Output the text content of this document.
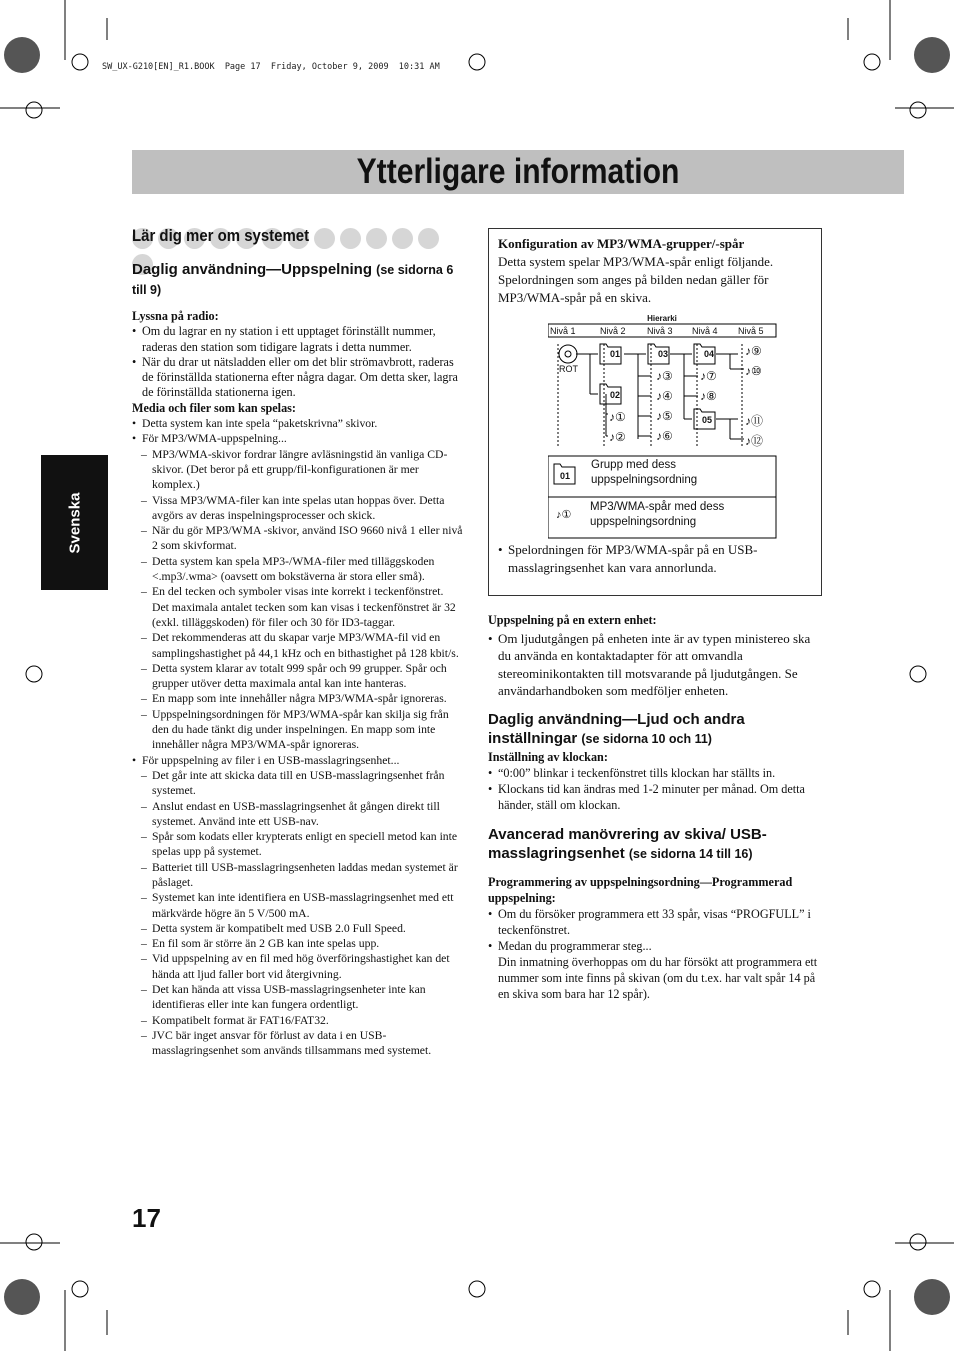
SW_UX-G210[EN]_R1.BOOK  Page 17  Friday, October 9, 2009  10:31 AM
Ytterligare information
Svenska
17
Lär dig mer om systemet
Daglig användning—Uppspelning (se sidorna 6 till 9)

Lyssna på radio:

• Om du lagrar en ny station i ett upptaget förinställt nummer, raderas den station som tidigare lagrats i detta nummer.
• När du drar ut nätsladden eller om det blir strömavbrott, raderas de förinställda stationerna efter några dagar. Om detta sker, lagra de förinställda stationerna igen.

Media och filer som kan spelas:

• Detta system kan inte spela “paketskrivna” skivor.
• För MP3/WMA-uppspelning...
– MP3/WMA-skivor fordrar längre avläsningstid än vanliga CD-skivor. (Det beror på ett grupp/fil-konfigurationen är mer komplex.)
– Vissa MP3/WMA-filer kan inte spelas utan hoppas över. Detta avgörs av deras inspelningsprocesser och skick.
– När du gör MP3/WMA -skivor, använd ISO 9660 nivå 1 eller nivå 2 som skivformat.
– Detta system kan spela MP3-/WMA-filer med tilläggskoden <.mp3/.wma> (oavsett om bokstäverna är stora eller små).
– En del tecken och symboler visas inte korrekt i teckenfönstret.
Det maximala antalet tecken som kan visas i teckenfönstret är 32 (exkl. tilläggskoden) för filer och 30 för ID3-taggar.
– Det rekommenderas att du skapar varje MP3/WMA-fil vid en samplingshastighet på 44,1 kHz och en bithastighet på 128 kbit/s.
– Detta system klarar av totalt 999 spår och 99 grupper. Spår och grupper utöver detta maximala antal kan inte hanteras.
– En mapp som inte innehåller några MP3/WMA-spår ignoreras.
– Uppspelningsordningen för MP3/WMA-spår kan skilja sig från den du hade tänkt dig under inspelningen. En mapp som inte innehåller några MP3/WMA-spår ignoreras.
• För uppspelning av filer i en USB-masslagringsenhet...
– Det går inte att skicka data till en USB-masslagringsenhet från systemet.
– Anslut endast en USB-masslagringsenhet åt gången direkt till systemet. Använd inte ett USB-nav.
– Spår som kodats eller krypterats enligt en speciell metod kan inte spelas upp på systemet.
– Batteriet till USB-masslagringsenheten laddas medan systemet är påslaget.
– Systemet kan inte identifiera en USB-masslagringsenhet med ett märkvärde högre än 5 V/500 mA.
– Detta system är kompatibelt med USB 2.0 Full Speed.
– En fil som är större än 2 GB kan inte spelas upp.
– Vid uppspelning av en fil med hög överföringshastighet kan det hända att ljud faller bort vid återgivning.
– Det kan hända att vissa USB-masslagringsenheter inte kan identifieras eller inte kan fungera ordentligt.
– Kompatibelt format är FAT16/FAT32.
– JVC bär inget ansvar för förlust av data i en USB-masslagringsenhet som används tillsammans med systemet.

Konfiguration av MP3/WMA-grupper/-spår

Detta system spelar MP3/WMA-spår enligt följande. Spelordningen som anges på bilden nedan gäller för MP3/WMA-spår på en skiva.

Hierarki
Nivå 1	Nivå 2 Nivå 3 Nivå 4 Nivå 5
ROT
01
02
03	04
05
♪⑨
♪⑩
♪③ ♪⑦
♪④ ♪⑧
♪①	♪⑤	♪⑪
♪②	♪⑥	♪⑫
01
Grupp med dess uppspelningsordning
♪①
MP3/WMA-spår med dess uppspelningsordning
• Spelordningen för MP3/WMA-spår på en USB-masslagringsenhet kan vara annorlunda.

Uppspelning på en extern enhet:

• Om ljudutgången på enheten inte är av typen ministereo ska du använda en kontaktadapter för att omvandla stereominikontakten till motsvarande på ljudutgången. Se användarhandboken som medföljer enheten.
Daglig användning—Ljud och andra inställningar (se sidorna 10 och 11)

Inställning av klockan:

• “0:00” blinkar i teckenfönstret tills klockan har ställts in.
• Klockans tid kan ändras med 1-2 minuter per månad. Om detta händer, ställ om klockan.
Avancerad manövrering av skiva/ USB-masslagringsenhet (se sidorna 14 till 16)

Programmering av uppspelningsordning—Programmerad uppspelning:

• Om du försöker programmera ett 33 spår, visas “PROGFULL” i teckenfönstret.
• Medan du programmerar steg...
Din inmatning överhoppas om du har försökt att programmera ett nummer som inte finns på skivan (om du t.ex. har valt spår 14 på en skiva som bara har 12 spår).
